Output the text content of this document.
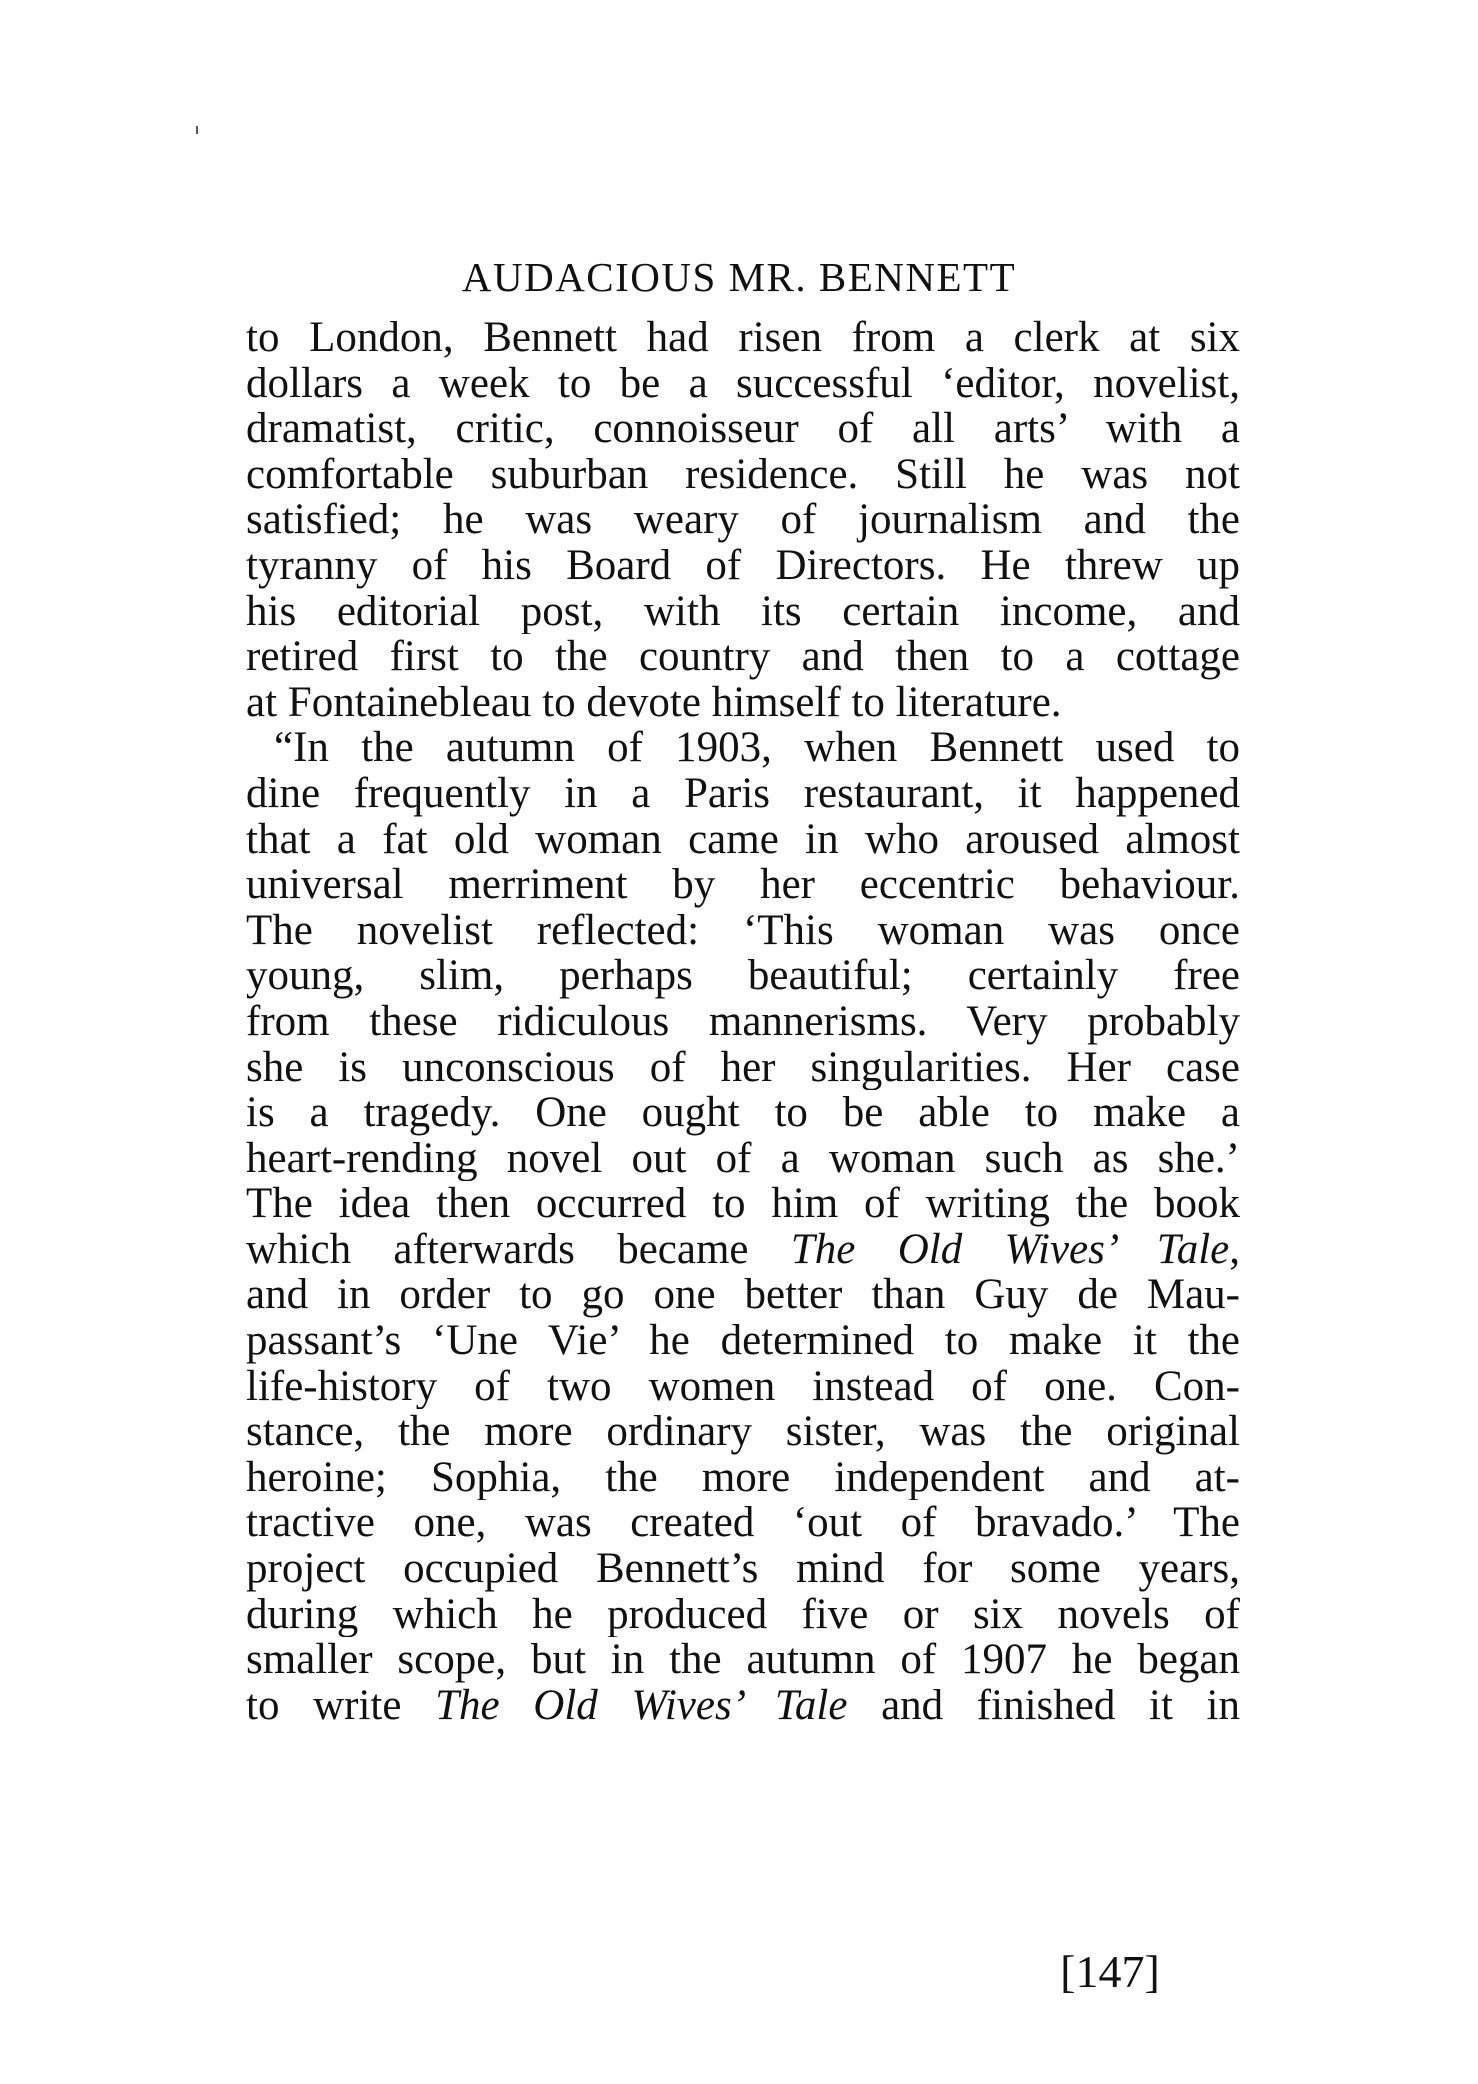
AUDACIOUS MR. BENNETT
to London, Bennett had risen from a clerk at six
dollars a week to be a successful ‘editor, novelist,
dramatist, critic, connoisseur of all arts’ with a
comfortable suburban residence. Still he was not
satisfied; he was weary of journalism and the
tyranny of his Board of Directors. He threw up
his editorial post, with its certain income, and
retired first to the country and then to a cottage
at Fontainebleau to devote himself to literature.
“In the autumn of 1903, when Bennett used to
dine frequently in a Paris restaurant, it happened
that a fat old woman came in who aroused almost
universal merriment by her eccentric behaviour.
The novelist reflected: ‘This woman was once
young, slim, perhaps beautiful; certainly free
from these ridiculous mannerisms. Very probably
she is unconscious of her singularities. Her case
is a tragedy. One ought to be able to make a
heart-rending novel out of a woman such as she.’
The idea then occurred to him of writing the book
which afterwards became The Old Wives’ Tale,
and in order to go one better than Guy de Mau-
passant’s ‘Une Vie’ he determined to make it the
life-history of two women instead of one. Con-
stance, the more ordinary sister, was the original
heroine; Sophia, the more independent and at-
tractive one, was created ‘out of bravado.’ The
project occupied Bennett’s mind for some years,
during which he produced five or six novels of
smaller scope, but in the autumn of 1907 he began
to write The Old Wives’ Tale and finished it in
[147]
